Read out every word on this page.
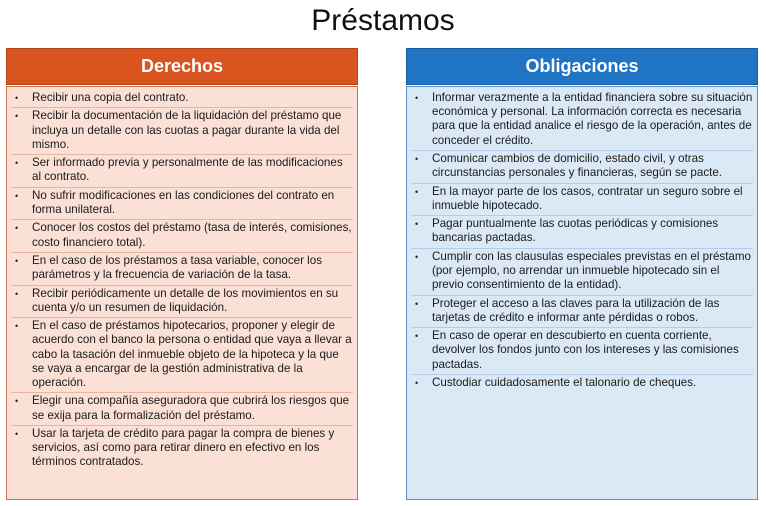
Préstamos
Derechos
• Recibir una copia del contrato.
• Recibir la documentación de la liquidación del préstamo que incluya un detalle con las cuotas a pagar durante la vida del mismo.
• Ser informado previa y personalmente de las modificaciones al contrato.
• No sufrir modificaciones en las condiciones del contrato en forma unilateral.
• Conocer los costos del préstamo (tasa de interés, comisiones, costo financiero total).
• En el caso de los préstamos a tasa variable, conocer los parámetros y la frecuencia de variación de la tasa.
• Recibir periódicamente un detalle de los movimientos en su cuenta y/o un resumen de liquidación.
• En el caso de préstamos hipotecarios, proponer y elegir de acuerdo con el banco la persona o entidad que vaya a llevar a cabo la tasación del inmueble objeto de la hipoteca y la que se vaya a encargar de la gestión administrativa de la operación.
• Elegir una compañía aseguradora que cubrirá los riesgos que se exija para la formalización del préstamo.
• Usar la tarjeta de crédito para pagar la compra de bienes y servicios, así como para retirar dinero en efectivo en los términos contratados.
Obligaciones
• Informar verazmente a la entidad financiera sobre su situación económica y personal. La información correcta es necesaria para que la entidad analice el riesgo de la operación, antes de conceder el crédito.
• Comunicar cambios de domicilio, estado civil, y otras circunstancias personales y financieras, según se pacte.
• En la mayor parte de los casos, contratar un seguro sobre el inmueble hipotecado.
• Pagar puntualmente las cuotas periódicas y comisiones bancarias pactadas.
• Cumplir con las clausulas especiales previstas en el préstamo (por ejemplo, no arrendar un inmueble hipotecado sin el previo consentimiento de la entidad).
• Proteger el acceso a las claves para la utilización de las tarjetas de crédito e informar ante pérdidas o robos.
• En caso de operar en descubierto en cuenta corriente, devolver los fondos junto con los intereses y las comisiones pactadas.
• Custodiar cuidadosamente el talonario de cheques.
